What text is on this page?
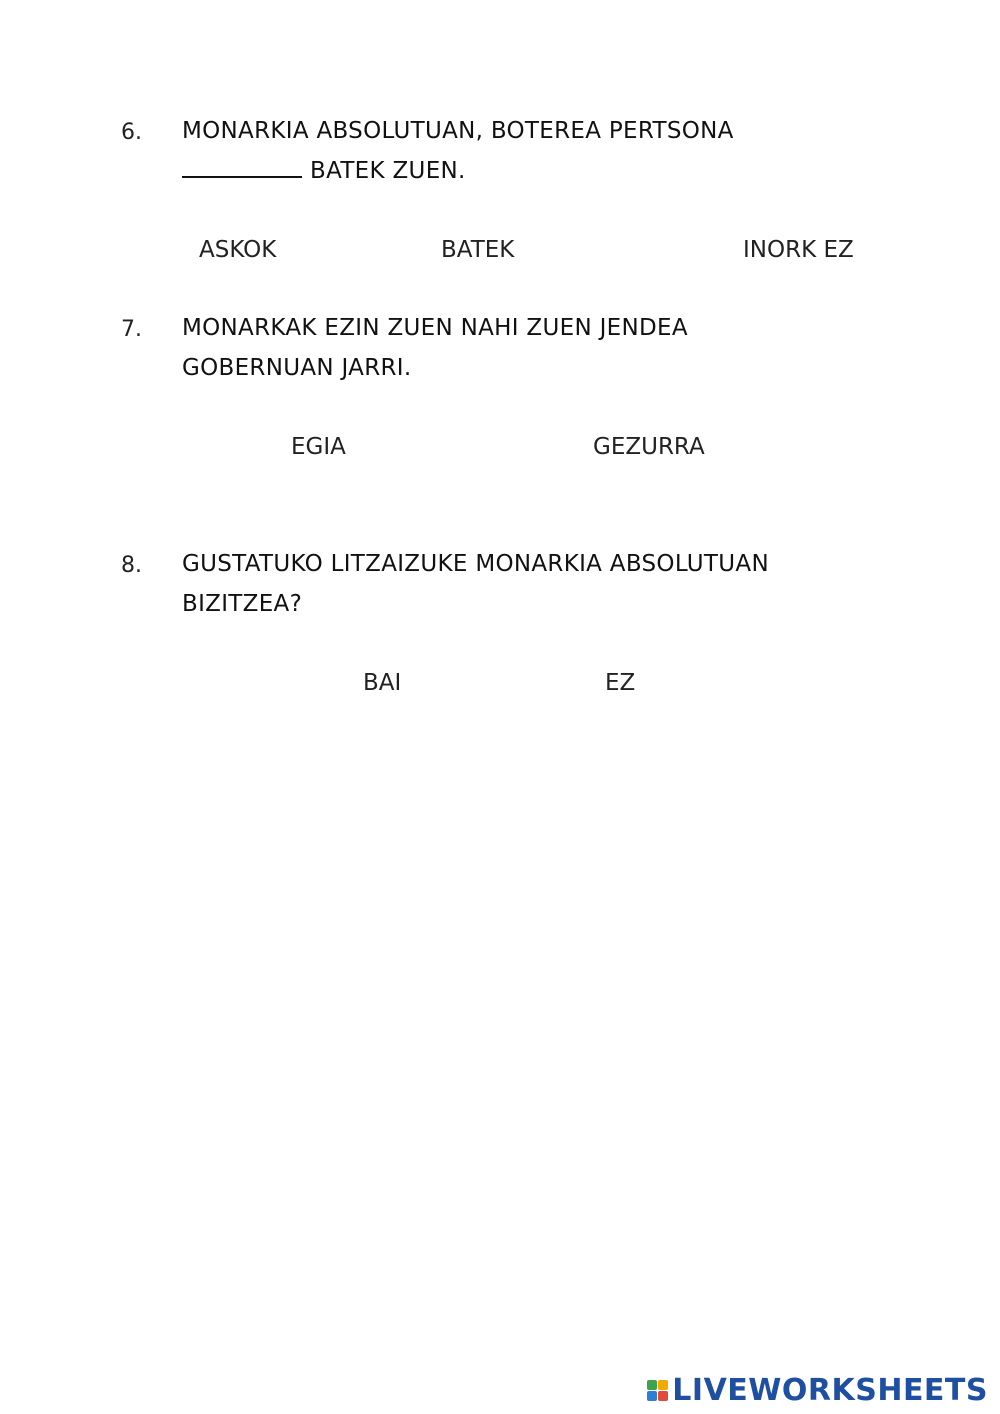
6. MONARKIA ABSOLUTUAN, BOTEREA PERTSONA
BATEK ZUEN.
ASKOK	BATEK	INORK EZ
7. MONARKAK EZIN ZUEN NAHI ZUEN JENDEA
GOBERNUAN JARRI.
EGIA	GEZURRA
8. GUSTATUKO LITZAIZUKE MONARKIA ABSOLUTUAN
BIZITZEA?
BAI	EZ
LIVEWORKSHEETS
